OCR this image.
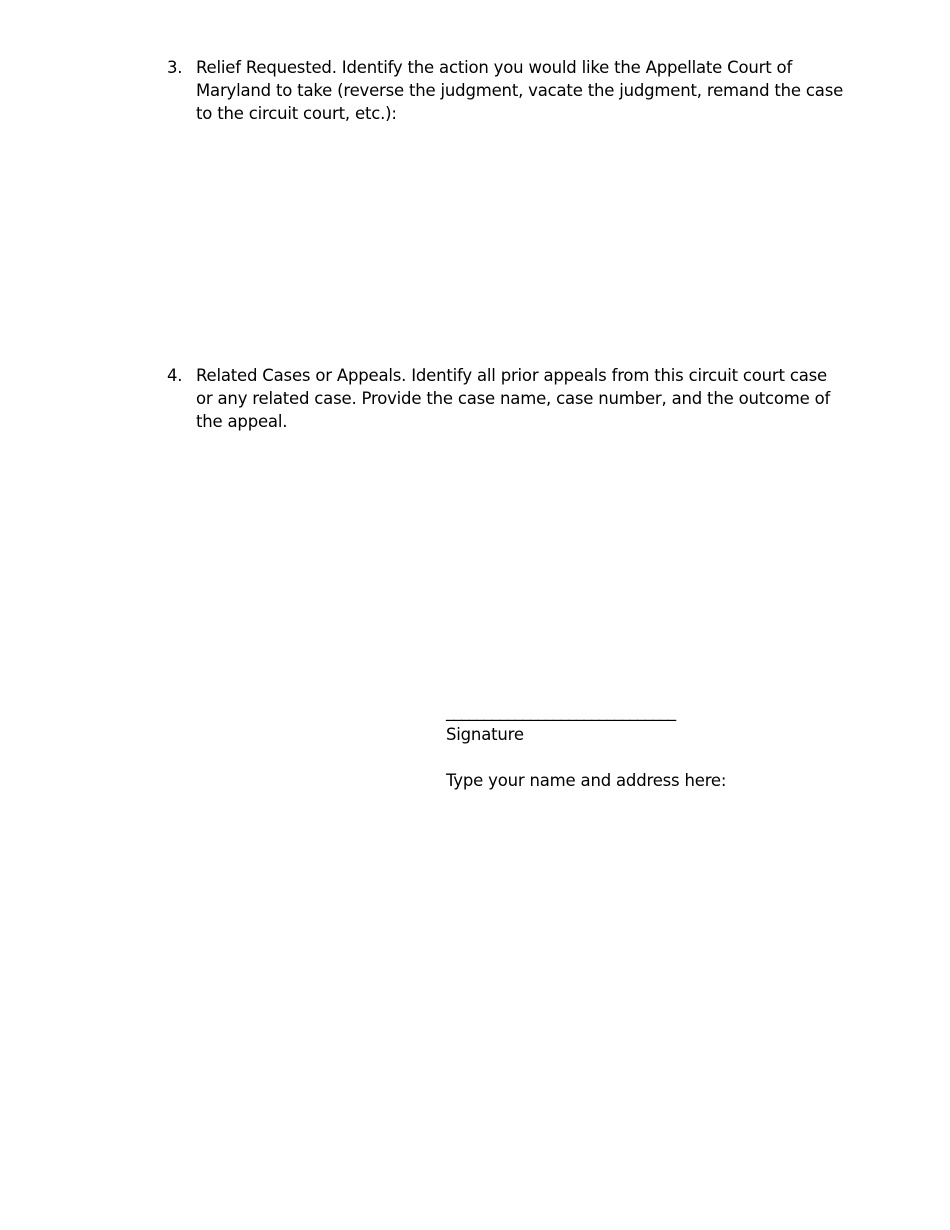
3. Relief Requested. Identify the action you would like the Appellate Court of Maryland to take (reverse the judgment, vacate the judgment, remand the case to the circuit court, etc.):
4. Related Cases or Appeals. Identify all prior appeals from this circuit court case or any related case. Provide the case name, case number, and the outcome of the appeal.
______________________________
Signature
Type your name and address here:
